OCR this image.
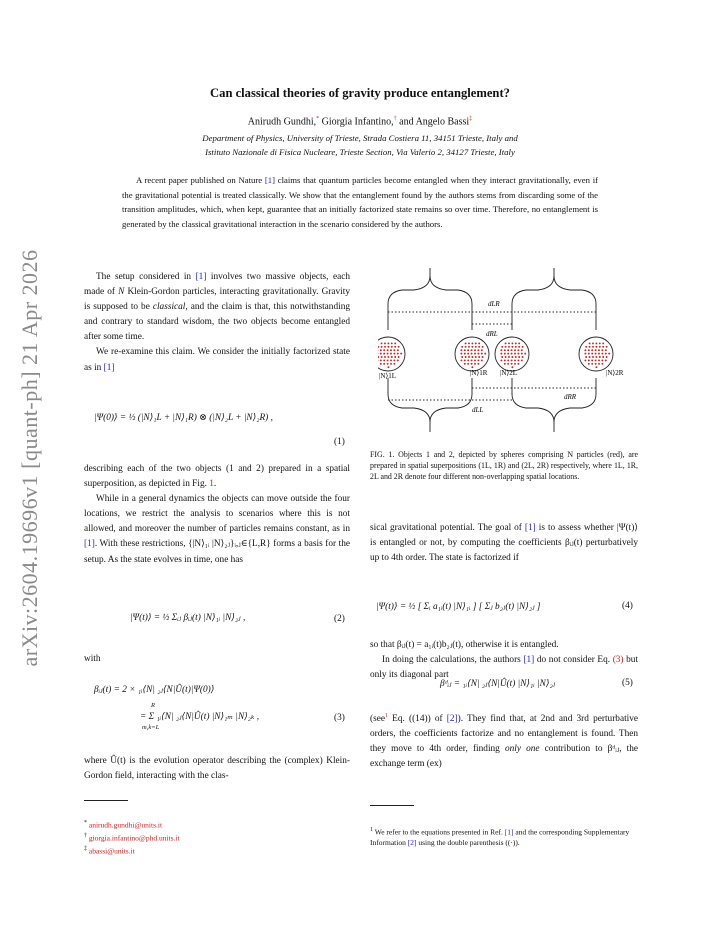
arXiv:2604.19696v1 [quant-ph] 21 Apr 2026
Can classical theories of gravity produce entanglement?
Anirudh Gundhi,* Giorgia Infantino,† and Angelo Bassi‡
Department of Physics, University of Trieste, Strada Costiera 11, 34151 Trieste, Italy and
Istituto Nazionale di Fisica Nucleare, Trieste Section, Via Valerio 2, 34127 Trieste, Italy
A recent paper published on Nature [1] claims that quantum particles become entangled when they interact gravitationally, even if the gravitational potential is treated classically. We show that the entanglement found by the authors stems from discarding some of the transition amplitudes, which, when kept, guarantee that an initially factorized state remains so over time. Therefore, no entanglement is generated by the classical gravitational interaction in the scenario considered by the authors.

The setup considered in [1] involves two massive objects, each made of N Klein-Gordon particles, interacting gravitationally. Gravity is supposed to be classical, and the claim is that, this notwithstanding and contrary to standard wisdom, the two objects become entangled after some time.

We re-examine this claim. We consider the initially factorized state as in [1]

|Ψ(0)⟩ = ½ (|N⟩₁L + |N⟩₁R) ⊗ (|N⟩₂L + |N⟩₂R) ,
(1)

describing each of the two objects (1 and 2) prepared in a spatial superposition, as depicted in Fig. 1.

While in a general dynamics the objects can move outside the four locations, we restrict the analysis to scenarios where this is not allowed, and moreover the number of particles remains constant, as in [1]. With these restrictions, {|N⟩₁ᵢ |N⟩₂ⱼ}ᵢ,ⱼ∈{L,R} forms a basis for the setup. As the state evolves in time, one has

|Ψ(t)⟩ = ½ Σᵢⱼ βᵢⱼ(t) |N⟩₁ᵢ |N⟩₂ⱼ ,	(2)
with
βᵢⱼ(t) = 2 × ₁ᵢ⟨N| ₂ⱼ⟨N|Û(t)|Ψ(0)⟩
= Σ ₁ᵢ⟨N| ₂ⱼ⟨N|Û(t) |N⟩₁ₘ |N⟩₂ₖ ,
R
m,k=L
(3)

where Û(t) is the evolution operator describing the (complex) Klein-Gordon field, interacting with the clas-

* anirudh.gundhi@units.it
† giorgia.infantino@phd.units.it
‡ abassi@units.it
dLR
dRL
dLL
dRR
|N⟩1L	|N⟩1R |N⟩2L	|N⟩2R
FIG. 1. Objects 1 and 2, depicted by spheres comprising N particles (red), are prepared in spatial superpositions (1L, 1R) and (2L, 2R) respectively, where 1L, 1R, 2L and 2R denote four different non-overlapping spatial locations.

sical gravitational potential. The goal of [1] is to assess whether |Ψ(t)⟩ is entangled or not, by computing the coefficients βᵢⱼ(t) perturbatively up to 4th order. The state is factorized if

|Ψ(t)⟩ = ½ [ Σᵢ a₁ᵢ(t) |N⟩₁ᵢ ] [ Σⱼ b₂ⱼ(t) |N⟩₂ⱼ ]	(4)

so that βᵢⱼ(t) = a₁ᵢ(t)b₂ⱼ(t), otherwise it is entangled.

In doing the calculations, the authors [1] do not consider Eq. (3) but only its diagonal part

βᵈᵢⱼ = ₁ᵢ⟨N| ₂ⱼ⟨N|Û(t) |N⟩₁ᵢ |N⟩₂ⱼ	(5)

(see$^1$ Eq. ((14)) of [2]). They find that, at 2nd and 3rd perturbative orders, the coefficients factorize and no entanglement is found. Then they move to 4th order, finding only one contribution to βᵈᵢⱼ, the exchange term (ex)

$^1$ We refer to the equations presented in Ref. [1] and the corresponding Supplementary Information [2] using the double parenthesis ((·)).
